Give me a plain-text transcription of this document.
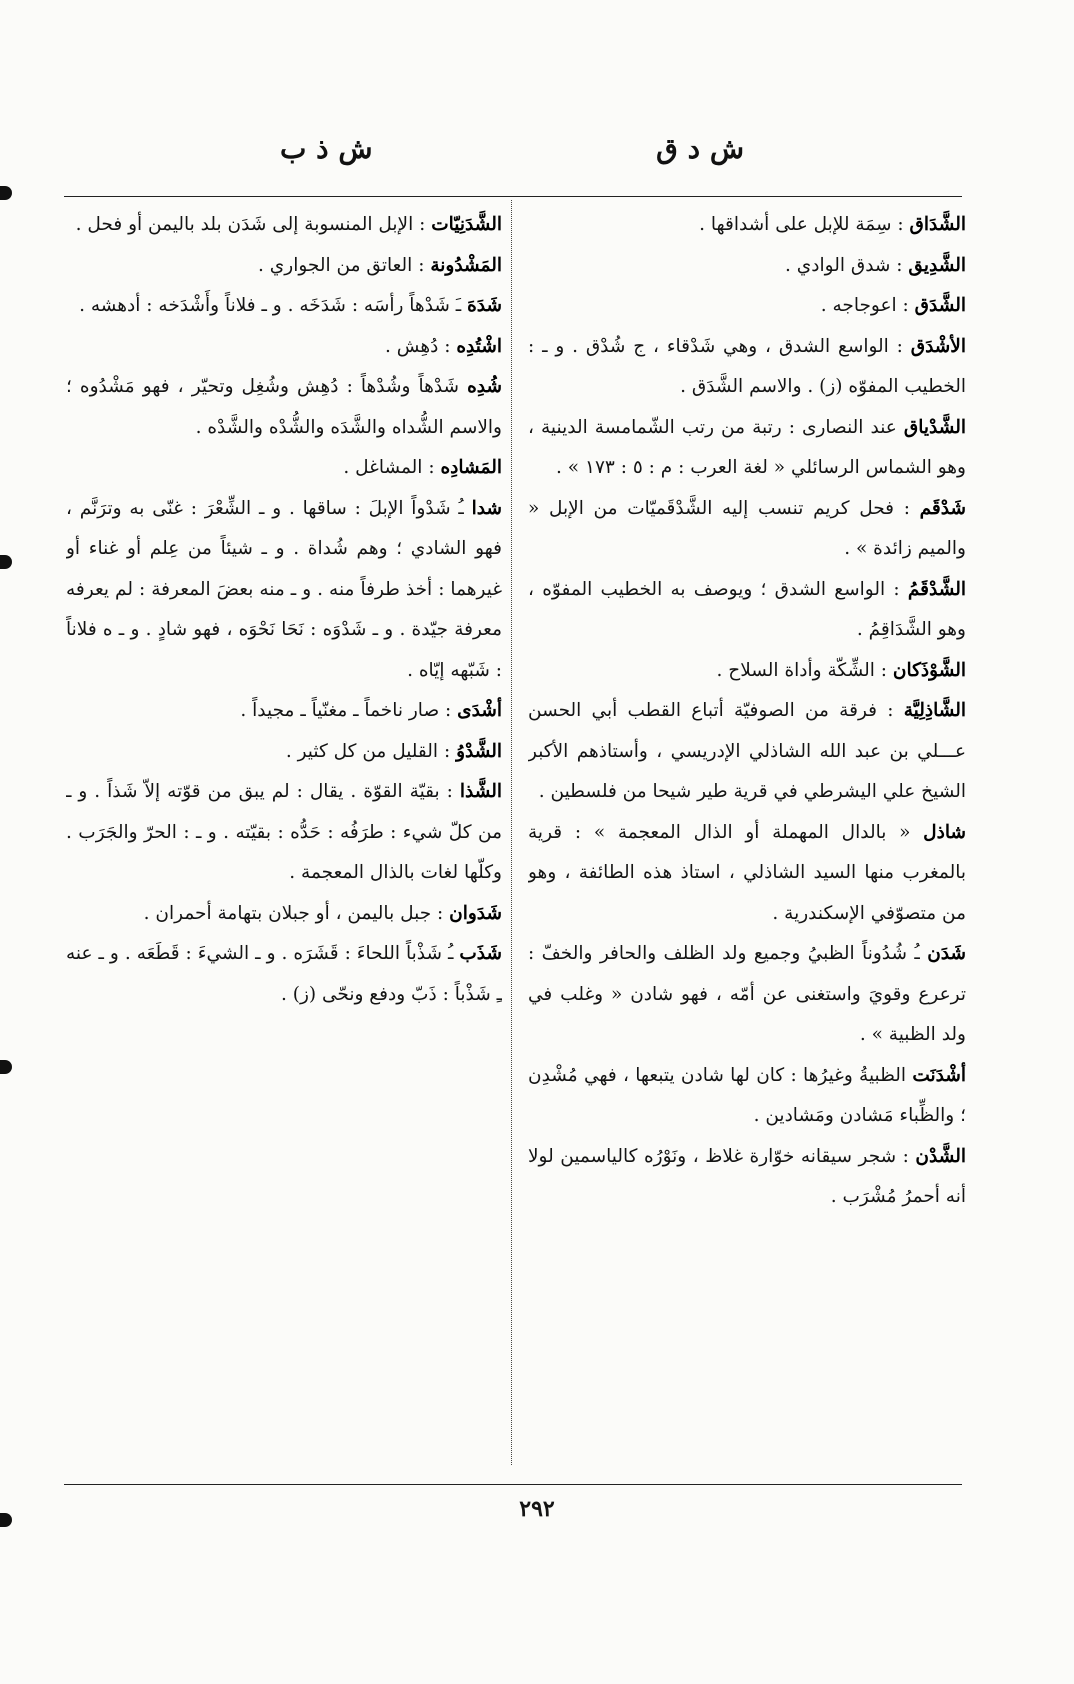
ش د ق
ش ذ ب

الشَّدَاق : سِمَة للإبل على أشداقها .

الشَّدِيق : شدق الوادي .

الشَّدَق : اعوجاجه .

الأشْدَق : الواسع الشدق ، وهي شَدْقاء ، ج شُدْق . و ـ : الخطيب المفوّه (ز) . والاسم الشَّدَق .

الشَّدْياق عند النصارى : رتبة من رتب الشّمامسة الدينية ، وهو الشماس الرسائلي « لغة العرب : م : ٥ : ١٧٣ » .

شَدْقَم : فحل كريم تنسب إليه الشَّدْقَميّات من الإبل « والميم زائدة » .

الشَّدْقَمُ : الواسع الشدق ؛ ويوصف به الخطيب المفوّه ، وهو الشَّدَاقِمُ .

الشَّوْذَكان : الشِّكّة وأداة السلاح .

الشَّاذِلِيَّة : فرقة من الصوفيّة أتباع القطب أبي الحسن عـــلي بن عبد الله الشاذلي الإدريسي ، وأستاذهم الأكبر الشيخ علي اليشرطي في قرية طير شيحا من فلسطين .

شاذل « بالدال المهملة أو الذال المعجمة » : قرية بالمغرب منها السيد الشاذلي ، استاذ هذه الطائفة ، وهو من متصوّفي الإسكندرية .

شَدَن ـُ شُدُوناً الظبيُ وجميع ولد الظلف والحافر والخفّ : ترعرع وقويَ واستغنى عن أمّه ، فهو شادن « وغلب في ولد الظبية » .

أشْدَنَت الظبيةُ وغيرُها : كان لها شادن يتبعها ، فهي مُشْدِن ؛ والظِّباء مَشادن ومَشادين .

الشَّدْن : شجر سيقانه خوّارة غلاظ ، ونَوْرُه كالياسمين لولا أنه أحمرُ مُشْرَب .

الشَّدَنِيّات : الإبل المنسوبة إلى شَدَن بلد باليمن أو فحل .

المَشْدُونة : العاتق من الجواري .

شَدَهَ ـَ شَدْهاً رأسَه : شَدَخَه . و ـ فلاناً وأَشْدَخه : أدهشه .

اشْتُدِه : دُهِش .

شُدِه شَدْهاً وشُدْهاً : دُهِش وشُغِل وتحيّر ، فهو مَشْدُوه ؛ والاسم الشُّداه والشَّدَه والشُّدْه والشَّدْه .

المَشادِه : المشاغل .

شدا ـُ شَدْواً الإبلَ : ساقها . و ـ الشِّعْرَ : غنّى به وترَنَّم ، فهو الشادي ؛ وهم شُداة . و ـ شيئاً من عِلم أو غناء أو غيرهما : أخذ طرفاً منه . و ـ منه بعضَ المعرفة : لم يعرفه معرفة جيّدة . و ـ شَدْوَه : نَحَا نَحْوَه ، فهو شادٍ . و ـ ه فلاناً : شَبّهه إيّاه .

أشْدَى : صار ناخماً ـ مغنّياً ـ مجيداً .

الشَّدْوُ : القليل من كل كثير .

الشَّذا : بقيّة القوّة . يقال : لم يبق من قوّته إلاّ شَذاً . و ـ من كلّ شيء : طرَفُه : حَدُّه : بقيّته . و ـ : الحرّ والجَرَب . وكلّها لغات بالذال المعجمة .

شَدَوان : جبل باليمن ، أو جبلان بتهامة أحمران .

شَذَب ـُ شَذْباً اللحاءَ : قَشَرَه . و ـ الشيءَ : قَطَعَه . و ـ عنه ـِ شَذْباً : ذَبّ ودفع ونحّى (ز) .

٢٩٢
